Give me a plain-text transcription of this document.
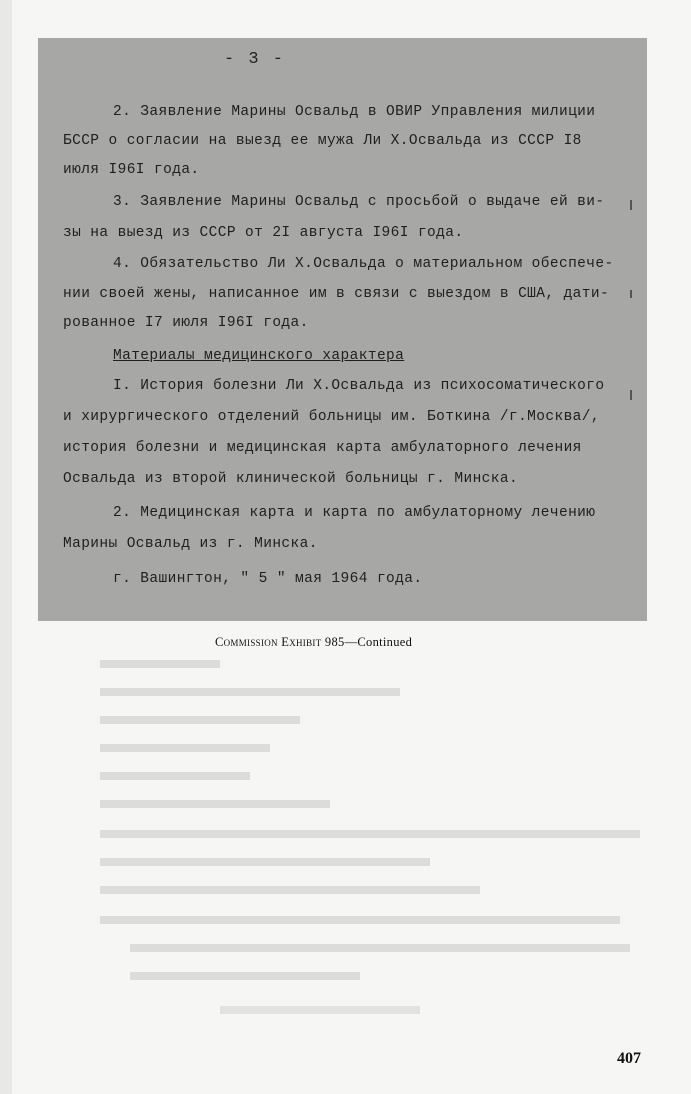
- 3 -
2. Заявление Марины Освальд в ОВИР Управления милиции
БССР о согласии на выезд ее мужа Ли Х.Освальда из СССР I8
июля I96I года.
3. Заявление Марины Освальд с просьбой о выдаче ей ви-
зы на выезд из СССР от 2I августа I96I года.
4. Обязательство Ли Х.Освальда о материальном обеспече-
нии своей жены, написанное им в связи с выездом в США, дати-
рованное I7 июля I96I года.
Материалы медицинского характера
I. История болезни Ли Х.Освальда из психосоматического
и хирургического отделений больницы им. Боткина /г.Москва/,
история болезни и медицинская карта амбулаторного лечения
Освальда из второй клинической больницы г. Минска.
2. Медицинская карта и карта по амбулаторному лечению
Марины Освальд из г. Минска.
г. Вашингтон, " 5 " мая 1964 года.
Commission Exhibit 985—Continued
407
